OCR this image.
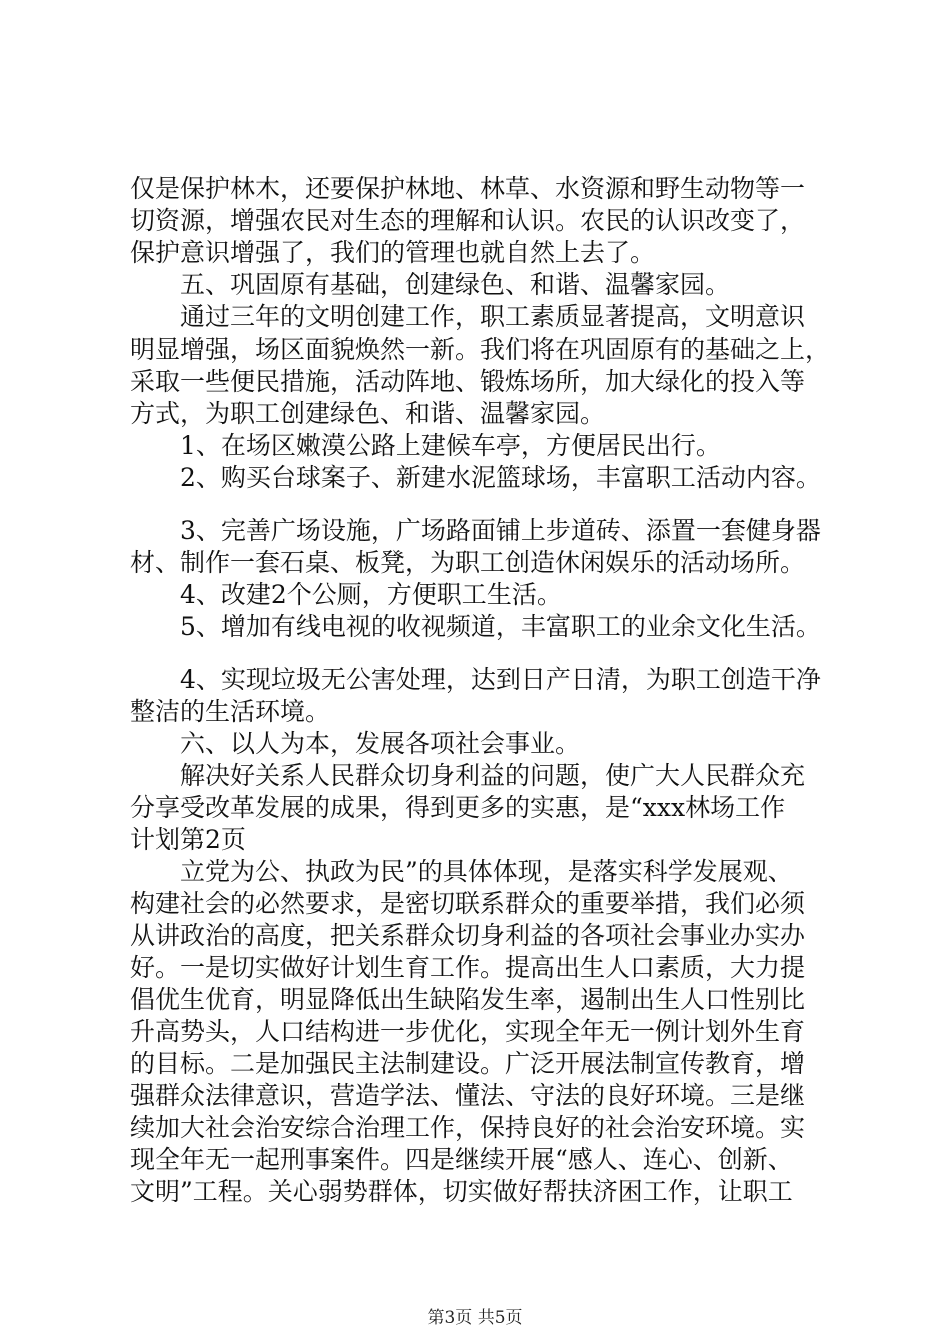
仅是保护林木，还要保护林地、林草、水资源和野生动物等一
切资源，增强农民对生态的理解和认识。农民的认识改变了，
保护意识增强了，我们的管理也就自然上去了。
五、巩固原有基础，创建绿色、和谐、温馨家园。
通过三年的文明创建工作，职工素质显著提高，文明意识
明显增强，场区面貌焕然一新。我们将在巩固原有的基础之上，
采取一些便民措施，活动阵地、锻炼场所，加大绿化的投入等
方式，为职工创建绿色、和谐、温馨家园。
1、在场区嫩漠公路上建候车亭，方便居民出行。
2、购买台球案子、新建水泥篮球场，丰富职工活动内容。
3、完善广场设施，广场路面铺上步道砖、添置一套健身器
材、制作一套石桌、板凳，为职工创造休闲娱乐的活动场所。
4、改建2个公厕，方便职工生活。
5、增加有线电视的收视频道，丰富职工的业余文化生活。
4、实现垃圾无公害处理，达到日产日清，为职工创造干净
整洁的生活环境。
六、以人为本，发展各项社会事业。
解决好关系人民群众切身利益的问题，使广大人民群众充
分享受改革发展的成果，得到更多的实惠，是“xxx林场工作
计划第2页
立党为公、执政为民”的具体体现，是落实科学发展观、
构建社会的必然要求，是密切联系群众的重要举措，我们必须
从讲政治的高度，把关系群众切身利益的各项社会事业办实办
好。一是切实做好计划生育工作。提高出生人口素质，大力提
倡优生优育，明显降低出生缺陷发生率，遏制出生人口性别比
升高势头，人口结构进一步优化，实现全年无一例计划外生育
的目标。二是加强民主法制建设。广泛开展法制宣传教育，增
强群众法律意识，营造学法、懂法、守法的良好环境。三是继
续加大社会治安综合治理工作，保持良好的社会治安环境。实
现全年无一起刑事案件。四是继续开展“感人、连心、创新、
文明”工程。关心弱势群体，切实做好帮扶济困工作，让职工
第3页 共5页
